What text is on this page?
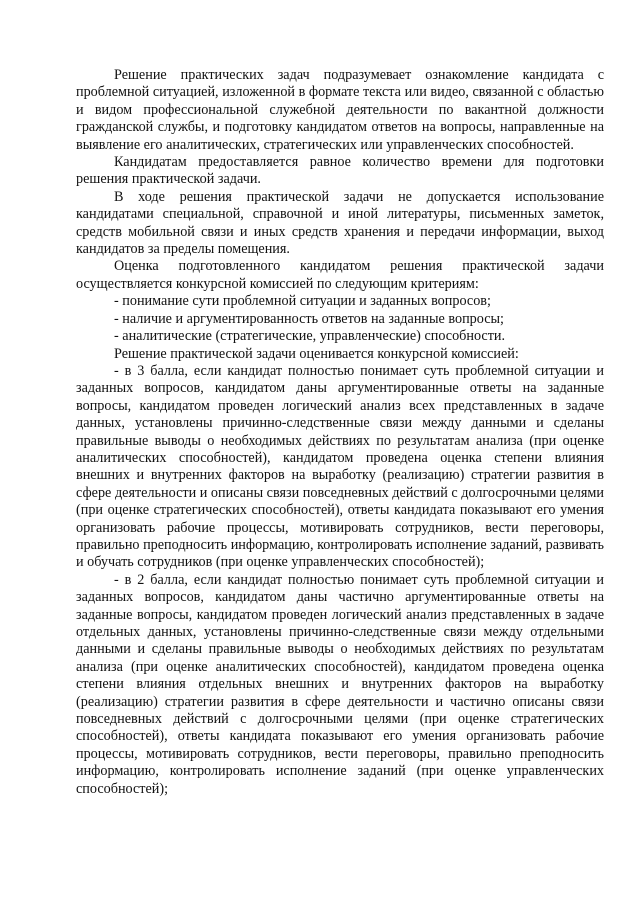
Решение практических задач подразумевает ознакомление кандидата с проблемной ситуацией, изложенной в формате текста или видео, связанной с областью и видом профессиональной служебной деятельности по вакантной должности гражданской службы, и подготовку кандидатом ответов на вопросы, направленные на выявление его аналитических, стратегических или управленческих способностей.

Кандидатам предоставляется равное количество времени для подготовки решения практической задачи.

В ходе решения практической задачи не допускается использование кандидатами специальной, справочной и иной литературы, письменных заметок, средств мобильной связи и иных средств хранения и передачи информации, выход кандидатов за пределы помещения.

Оценка подготовленного кандидатом решения практической задачи осуществляется конкурсной комиссией по следующим критериям:

- понимание сути проблемной ситуации и заданных вопросов;

- наличие и аргументированность ответов на заданные вопросы;

- аналитические (стратегические, управленческие) способности.

Решение практической задачи оценивается конкурсной комиссией:

- в 3 балла, если кандидат полностью понимает суть проблемной ситуации и заданных вопросов, кандидатом даны аргументированные ответы на заданные вопросы, кандидатом проведен логический анализ всех представленных в задаче данных, установлены причинно-следственные связи между данными и сделаны правильные выводы о необходимых действиях по результатам анализа (при оценке аналитических способностей), кандидатом проведена оценка степени влияния внешних и внутренних факторов на выработку (реализацию) стратегии развития в сфере деятельности и описаны связи повседневных действий с долгосрочными целями (при оценке стратегических способностей), ответы кандидата показывают его умения организовать рабочие процессы, мотивировать сотрудников, вести переговоры, правильно преподносить информацию, контролировать исполнение заданий, развивать и обучать сотрудников (при оценке управленческих способностей);

- в 2 балла, если кандидат полностью понимает суть проблемной ситуации и заданных вопросов, кандидатом даны частично аргументированные ответы на заданные вопросы, кандидатом проведен логический анализ представленных в задаче отдельных данных, установлены причинно-следственные связи между отдельными данными и сделаны правильные выводы о необходимых действиях по результатам анализа (при оценке аналитических способностей), кандидатом проведена оценка степени влияния отдельных внешних и внутренних факторов на выработку (реализацию) стратегии развития в сфере деятельности и частично описаны связи повседневных действий с долгосрочными целями (при оценке стратегических способностей), ответы кандидата показывают его умения организовать рабочие процессы, мотивировать сотрудников, вести переговоры, правильно преподносить информацию, контролировать исполнение заданий (при оценке управленческих способностей);
